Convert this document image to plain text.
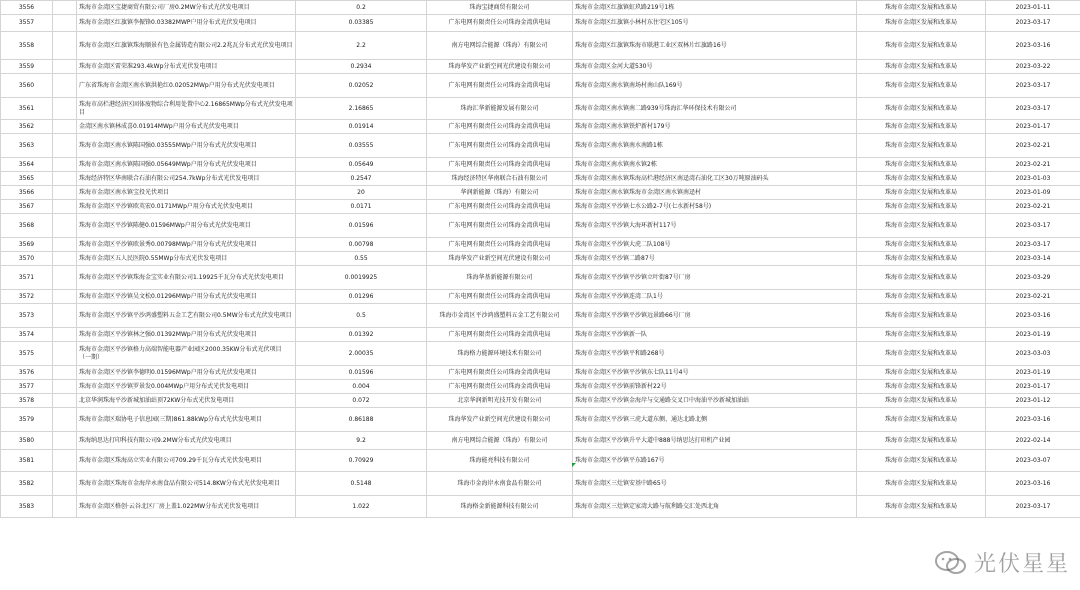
3556		珠海市金湾区宝捷商贸有限公司厂房0.2MW分布式光伏发电项目	0.2	珠海宝捷商贸有限公司	珠海市金湾区红旗镇虹玖路219号1栋	珠海市金湾区发展和改革局	2023-01-11
3557		珠海市金湾区红旗镇李振锋0.03382MWP户用分布式光伏发电项目	0.03385	广东电网有限责任公司珠海金湾供电局	珠海市金湾区红旗镇小林村东住宅区105号	珠海市金湾区发展和改革局	2023-03-17
3558		珠海市金湾区红旗镇珠海顺景有色金属铸造有限公司2.2兆瓦分布式光伏发电项目	2.2	南方电网综合能源（珠海）有限公司	珠海市金湾区红旗镇珠海市联港工业区双林片红旗路16号	珠海市金湾区发展和改革局	2023-03-16
3559		珠海市金湾区雷荣准293.4kWp分布式光伏发电项目	0.2934	珠海华发产业新空间光伏建设有限公司	珠海市金湾区金河大道530号	珠海市金湾区发展和改革局	2023-03-22
3560		广东省珠海市金湾区南水镇洪艳红0.02052MWp户用分布式光伏发电项目	0.02052	广东电网有限责任公司珠海金湾供电局	珠海市金湾区南水镇南场村南山队169号	珠海市金湾区发展和改革局	2023-03-17
3561		珠海市高栏港经济区固体废物综合利用处置中心2.16865MWp分布式光伏发电项目	2.16865	珠海汇华新能源发展有限公司	珠海市金湾区南水镇南二路939号珠海汇华环保技术有限公司	珠海市金湾区发展和改革局	2023-03-17
3562		金湾区南水镇林成喜0.01914MWp户用分布式光伏发电项目	0.01914	广东电网有限责任公司珠海金湾供电局	珠海市金湾区南水镇铁炉新村179号	珠海市金湾区发展和改革局	2023-01-17
3563		珠海市金湾区南水镇陈国强0.03555MWp户用分布式光伏发电项目	0.03555	广东电网有限责任公司珠海金湾供电局	珠海市金湾区南水镇南水南路1栋	珠海市金湾区发展和改革局	2023-02-21
3564		珠海市金湾区南水镇陈国强0.05649MWp户用分布式光伏发电项目	0.05649	广东电网有限责任公司珠海金湾供电局	珠海市金湾区南水镇南水镇2栋	珠海市金湾区发展和改革局	2023-02-21
3565		珠海经济特区华南联合石油有限公司254.7kWp分布式光伏发电项目	0.2547	珠海经济特区华南联合石油有限公司	珠海市金湾区南水镇珠海高栏港经济区南迳湾石油化工区30万吨原油码头	珠海市金湾区发展和改革局	2023-01-03
3566		珠海市金湾区南水镇宝投光伏项目	20	华润新能源（珠海）有限公司	珠海市金湾区南水镇珠海市金湾区南水镇南迳村	珠海市金湾区发展和改革局	2023-01-09
3567		珠海市金湾区平沙镇欧英宏0.0171MWp户用分布式光伏发电项目	0.0171	广东电网有限责任公司珠海金湾供电局	珠海市金湾区平沙镇七水公路2-7号(七水新村58号)	珠海市金湾区发展和改革局	2023-02-21
3568		珠海市金湾区平沙镇陈健0.01596MWp户用分布式光伏发电项目	0.01596	广东电网有限责任公司珠海金湾供电局	珠海市金湾区平沙镇大海环新村117号	珠海市金湾区发展和改革局	2023-03-17
3569		珠海市金湾区平沙镇欧景秀0.00798MWp户用分布式光伏发电项目	0.00798	广东电网有限责任公司珠海金湾供电局	珠海市金湾区平沙镇大虎二队108号	珠海市金湾区发展和改革局	2023-03-17
3570		珠海市金湾区五人民医院0.55MWp分布式光伏发电项目	0.55	珠海华发产业新空间光伏建设有限公司	珠海市金湾区平沙镇二路87号	珠海市金湾区发展和改革局	2023-03-14
3571		珠海市金湾区平沙镇珠海金宝实业有限公司1.19925千瓦分布式光伏发电项目	0.0019925	珠海华基新能源有限公司	珠海市金湾区平沙镇平沙镇立叶街87号厂房	珠海市金湾区发展和改革局	2023-03-29
3572		珠海市金湾区平沙镇吴文松0.01296MWp户用分布式光伏发电项目	0.01296	广东电网有限责任公司珠海金湾供电局	珠海市金湾区平沙镇连湾二队1号	珠海市金湾区发展和改革局	2023-02-21
3573		珠海市金湾区平沙镇平沙鸿盛塑料五金工艺有限公司0.5MW分布式光伏发电项目	0.5	珠海市金湾区平沙鸿盛塑料五金工艺有限公司	珠海市金湾区平沙镇平沙镇远景路66号厂房	珠海市金湾区发展和改革局	2023-03-16
3574		珠海市金湾区平沙镇林之强0.01392MWp户用分布式光伏发电项目	0.01392	广东电网有限责任公司珠海金湾供电局	珠海市金湾区平沙镇新一队	珠海市金湾区发展和改革局	2023-01-19
3575		珠海市金湾区平沙镇格力高端智能电器产业园区2000.35KW分布式光伏项目（一期）	2.00035	珠海格力能源环境技术有限公司	珠海市金湾区平沙镇平和路268号	珠海市金湾区发展和改革局	2023-03-03
3576		珠海市金湾区平沙镇李德明0.01596MWp户用分布式光伏发电项目	0.01596	广东电网有限责任公司珠海金湾供电局	珠海市金湾区平沙镇平沙镇东七队11号4号	珠海市金湾区发展和改革局	2023-01-19
3577		珠海市金湾区平沙镇罗景发0.004MWp户用分布式光伏发电项目	0.004	广东电网有限责任公司珠海金湾供电局	珠海市金湾区平沙镇前锋新村22号	珠海市金湾区发展和改革局	2023-01-17
3578		北京华润珠海平沙新城加油站顶72KW分布式光伏发电项目	0.072	北京华润新明光技开发有限公司	珠海市金湾区平沙镇金海岸与交通路交叉口中海油平沙新城加油站	珠海市金湾区发展和改革局	2023-01-12
3579		珠海市金湾区瑞协电子信息园(三期)861.88kWp分布式光伏发电项目	0.86188	珠海华发产业新空间光伏建设有限公司	珠海市金湾区平沙镇三虎大道东侧、通达北路北侧	珠海市金湾区发展和改革局	2023-03-16
3580		珠海纳思达打印科技有限公司9.2MW分布式光伏发电项目	9.2	南方电网综合能源（珠海）有限公司	珠海市金湾区平沙镇升平大道中888号纳思达打印机产业园	珠海市金湾区发展和改革局	2022-02-14
3581		珠海市金湾区珠海高立实业有限公司709.29千瓦分布式光伏发电项目	0.70929	珠海能亮科技有限公司	珠海市金湾区平沙镇平东路167号	珠海市金湾区发展和改革局	2023-03-07
3582		珠海市金湾区珠海市金海岸永南食品有限公司514.8KW分布式光伏发电项目	0.5148	珠海市金海岸永南食品有限公司	珠海市金湾区三灶镇安基中路65号	珠海市金湾区发展和改革局	2023-03-16
3583		珠海市金湾区格创·云谷北区厂房上盖1.022MW分布式光伏发电项目	1.022	珠海格金新能源科技有限公司	珠海市金湾区三灶镇定家湾大路与航利路交汇处西北角	珠海市金湾区发展和改革局	2023-03-17
光伏星星
